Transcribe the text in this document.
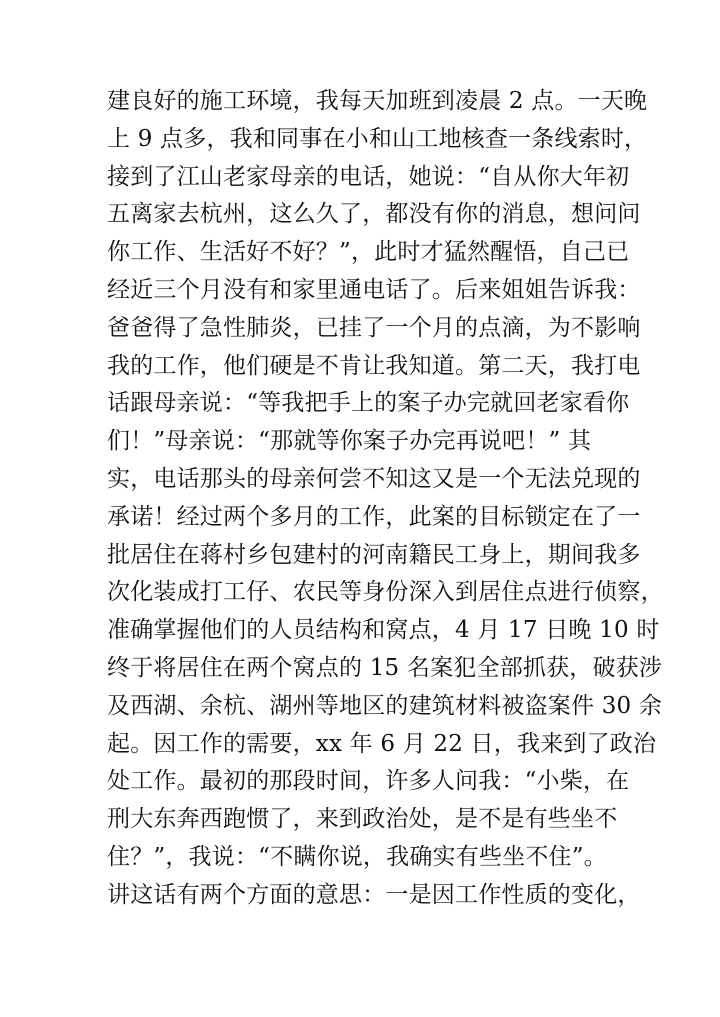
建良好的施工环境，我每天加班到凌晨 2 点。一天晚
上 9 点多，我和同事在小和山工地核查一条线索时，
接到了江山老家母亲的电话，她说：“自从你大年初
五离家去杭州，这么久了，都没有你的消息，想问问
你工作、生活好不好？”，此时才猛然醒悟，自己已
经近三个月没有和家里通电话了。后来姐姐告诉我：
爸爸得了急性肺炎，已挂了一个月的点滴，为不影响
我的工作，他们硬是不肯让我知道。第二天，我打电
话跟母亲说：“等我把手上的案子办完就回老家看你
们！”母亲说：“那就等你案子办完再说吧！” 其
实，电话那头的母亲何尝不知这又是一个无法兑现的
承诺！经过两个多月的工作，此案的目标锁定在了一
批居住在蒋村乡包建村的河南籍民工身上，期间我多
次化装成打工仔、农民等身份深入到居住点进行侦察，
准确掌握他们的人员结构和窝点，4 月 17 日晚 10 时
终于将居住在两个窝点的 15 名案犯全部抓获，破获涉
及西湖、余杭、湖州等地区的建筑材料被盗案件 30 余
起。因工作的需要，xx 年 6 月 22 日，我来到了政治
处工作。最初的那段时间，许多人问我：“小柴，在
刑大东奔西跑惯了，来到政治处，是不是有些坐不
住？”，我说：“不瞒你说，我确实有些坐不住”。
讲这话有两个方面的意思：一是因工作性质的变化，
